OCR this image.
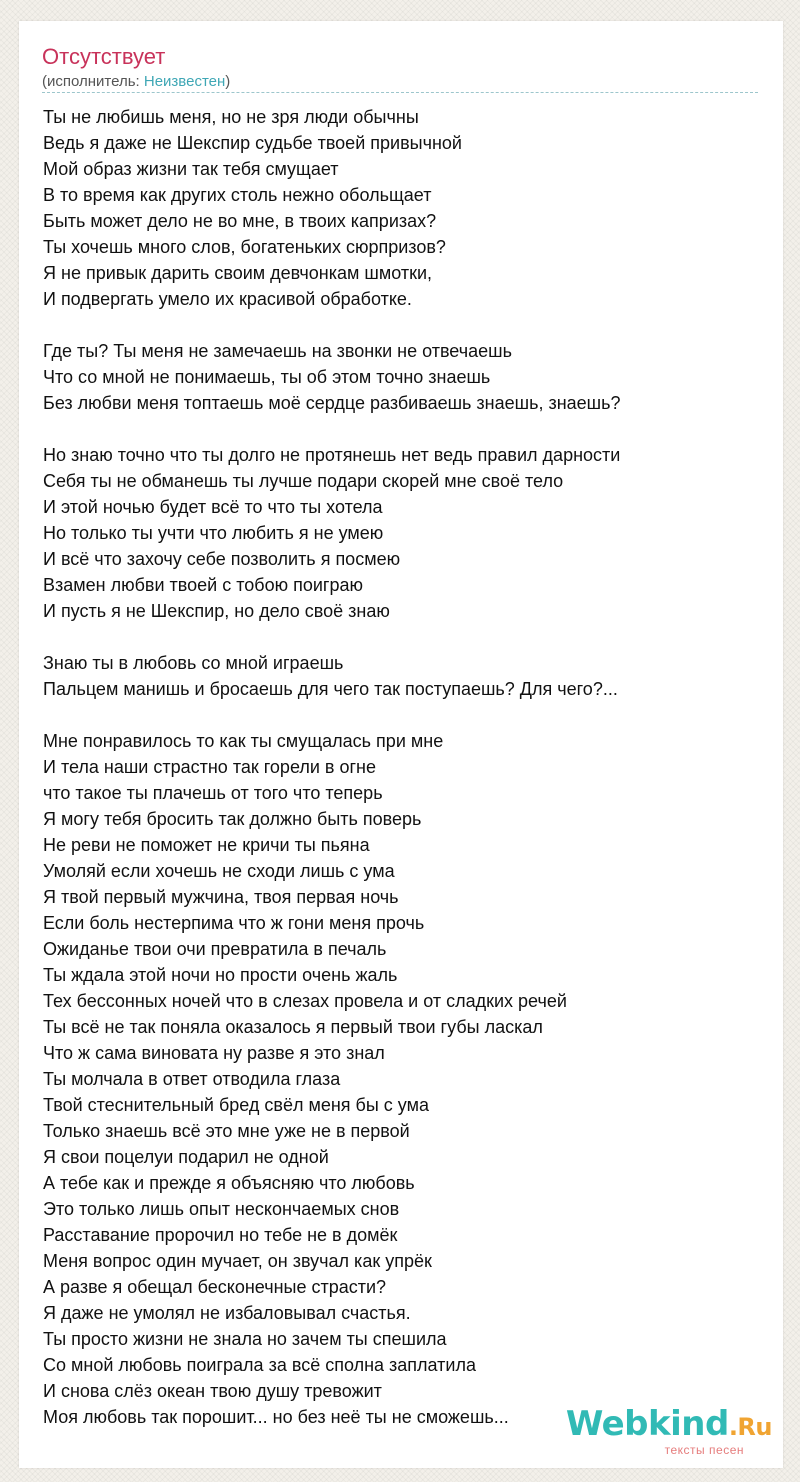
Отсутствует
(исполнитель: Неизвестен)
Ты не любишь меня, но не зря люди обычны
Ведь я даже не Шекспир судьбе твоей привычной
Мой образ жизни так тебя смущает
В то время как других столь нежно обольщает
Быть может дело не во мне, в твоих капризах?
Ты хочешь много слов, богатеньких сюрпризов?
Я не привык дарить своим девчонкам шмотки,
И подвергать умело их красивой обработке.
Где ты? Ты меня не замечаешь на звонки не отвечаешь
Что со мной не понимаешь, ты об этом точно знаешь
Без любви меня топтаешь моё сердце разбиваешь знаешь, знаешь?
Но знаю точно что ты долго не протянешь нет ведь правил дарности
Себя ты не обманешь ты лучше подари скорей мне своё тело
И этой ночью будет всё то что ты хотела
Но только ты учти что любить я не умею
И всё что захочу себе позволить я посмею
Взамен любви твоей с тобою поиграю
И пусть я не Шекспир, но дело своё знаю
Знаю ты в любовь со мной играешь
Пальцем манишь и бросаешь для чего так поступаешь? Для чего?...
Мне понравилось то как ты смущалась при мне
И тела наши страстно так горели в огне
что такое ты плачешь от того что теперь
Я могу тебя бросить так должно быть поверь
Не реви не поможет не кричи ты пьяна
Умоляй если хочешь не сходи лишь с ума
Я твой первый мужчина, твоя первая ночь
Если боль нестерпима что ж гони меня прочь
Ожиданье твои очи превратила в печаль
Ты ждала этой ночи но прости очень жаль
Тех бессонных ночей что в слезах провела и от сладких речей
Ты всё не так поняла оказалось я первый твои губы ласкал
Что ж сама виновата ну разве я это знал
Ты молчала в ответ отводила глаза
Твой стеснительный бред свёл меня бы с ума
Только знаешь всё это мне уже не в первой
Я свои поцелуи подарил не одной
А тебе как и прежде я объясняю что любовь
Это только лишь опыт нескончаемых снов
Расставание пророчил но тебе не в домёк
Меня вопрос один мучает, он звучал как упрёк
А разве я обещал бесконечные страсти?
Я даже не умолял не избаловывал счастья.
Ты просто жизни не знала но зачем ты спешила
Со мной любовь поиграла за всё сполна заплатила
И снова слёз океан твою душу тревожит
Моя любовь так порошит... но без неё ты не сможешь...	Webkind.Ru
тексты песен
